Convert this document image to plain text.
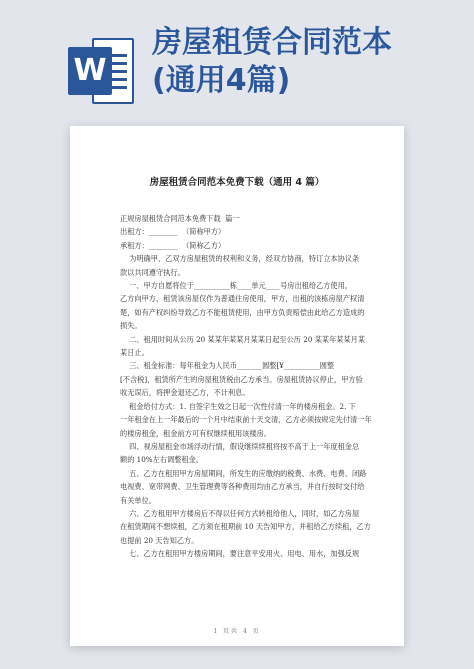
W
房屋租赁合同范本
(通用4篇)
房屋租赁合同范本免费下载（通用 4 篇）

正规房屋租赁合同范本免费下载  篇一

出租方：________  （简称甲方）

承租方：________  （简称乙方）

为明确甲、乙双方房屋租赁的权利和义务，经双方协商，特订立本协议条

款以共同遵守执行。

一、甲方自愿将位于__________栋____单元____号房出租给乙方使用，

乙方向甲方，租赁该房屋仅作为普通住房使用，甲方，出租的该栋房屋产权清

楚，如有产权纠纷导致乙方不能租赁使用，由甲方负责赔偿由此给乙方造成的

损失。

二、租用时间从公历 20 某某年某某月某某日起至公历 20 某某年某某月某

某日止。

三、租金标准：每年租金为人民币_______圆整[¥__________圆整

[不含税]，租赁所产生的房屋租赁税由乙方承当。房屋租赁协议停止，甲方验

收无误后，将押金退还乙方，不计利息。

租金给付方式：1. 自签字生效之日起一次性付清一年的楼房租金。2. 下

一年租金在上一年最后的一个月中结束前十天交清，乙方必须按规定先付清一年

的楼房租金，租金前方可有权继续租用该楼房。

四、视房屋租金市场浮动行情，假设继续续租将按不高于上一年度租金总

额的 10%左右调整租金。

五、乙方在租用甲方房屋期间，所发生的应缴纳的税费、水费、电费、闭路

电视费、宽带网费、卫生管理费等各种费用均由乙方承当，并自行按时交付给

有关单位。

六、乙方租用甲方楼房后不得以任何方式转租给他人，同时，如乙方房屋

在租赁期间不想续租，乙方须在租期前 10 天告知甲方，并租给乙方续租，乙方

也提前 20 天告知乙方。

七、乙方在租用甲方楼房期间，要注意平安用火、用电、用水，加强反规

1 页共 4 页
